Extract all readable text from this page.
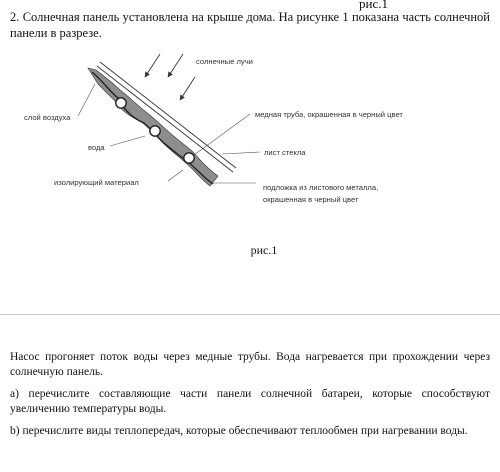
рис.1
2. Солнечная панель установлена на крыше дома. На рисунке 1 показана часть солнечной панели в разрезе.
солнечные лучи
слой воздуха	медная труба, окрашенная в черный цвет
вода
лист стекла
изолирующий материал
подложка из листового металла,
окрашенная в черный цвет
рис.1

Насос прогоняет поток воды через медные трубы. Вода нагревается при прохождении через солнечную панель.

а) перечислите составляющие части панели солнечной батареи, которые способствуют увеличению температуры воды.

b) перечислите виды теплопередач, которые обеспечивают теплообмен при нагревании воды.
